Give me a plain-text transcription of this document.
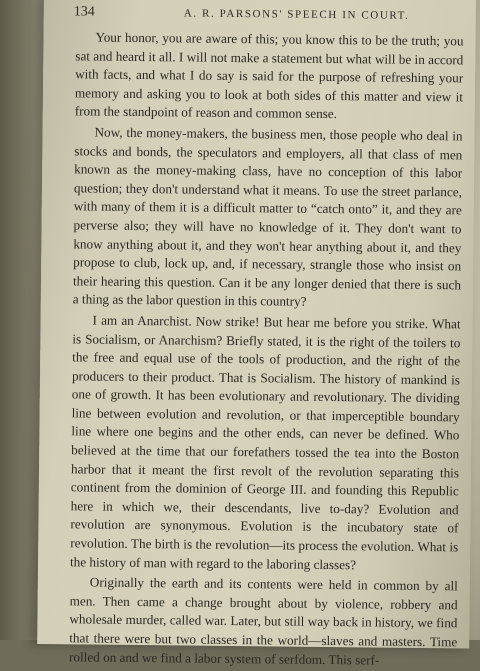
134	A. R. PARSONS' SPEECH IN COURT.

Your honor, you are aware of this; you know this to be the truth; you sat and heard it all. I will not make a statement but what will be in accord with facts, and what I do say is said for the purpose of refreshing your memory and asking you to look at both sides of this matter and view it from the standpoint of reason and common sense.

Now, the money-makers, the business men, those people who deal in stocks and bonds, the speculators and employers, all that class of men known as the money-making class, have no conception of this labor question; they don't understand what it means. To use the street parlance, with many of them it is a difficult matter to “catch onto” it, and they are perverse also; they will have no knowledge of it. They don't want to know anything about it, and they won't hear anything about it, and they propose to club, lock up, and, if necessary, strangle those who insist on their hearing this question. Can it be any longer denied that there is such a thing as the labor question in this country?

I am an Anarchist. Now strike! But hear me before you strike. What is Socialism, or Anarchism? Briefly stated, it is the right of the toilers to the free and equal use of the tools of production, and the right of the producers to their product. That is Socialism. The history of mankind is one of growth. It has been evolutionary and revolutionary. The dividing line between evolution and revolution, or that imperceptible boundary line where one begins and the other ends, can never be defined. Who believed at the time that our forefathers tossed the tea into the Boston harbor that it meant the first revolt of the revolution separating this continent from the dominion of George III. and founding this Republic here in which we, their descendants, live to-day? Evolution and revolution are synonymous. Evolution is the incubatory state of revolution. The birth is the revolution—its process the evolution. What is the history of man with regard to the laboring classes?

Originally the earth and its contents were held in common by all men. Then came a change brought about by violence, robbery and wholesale murder, called war. Later, but still way back in history, we find that there were but two classes in the world—slaves and masters. Time rolled on and we find a labor system of serfdom. This serf-
